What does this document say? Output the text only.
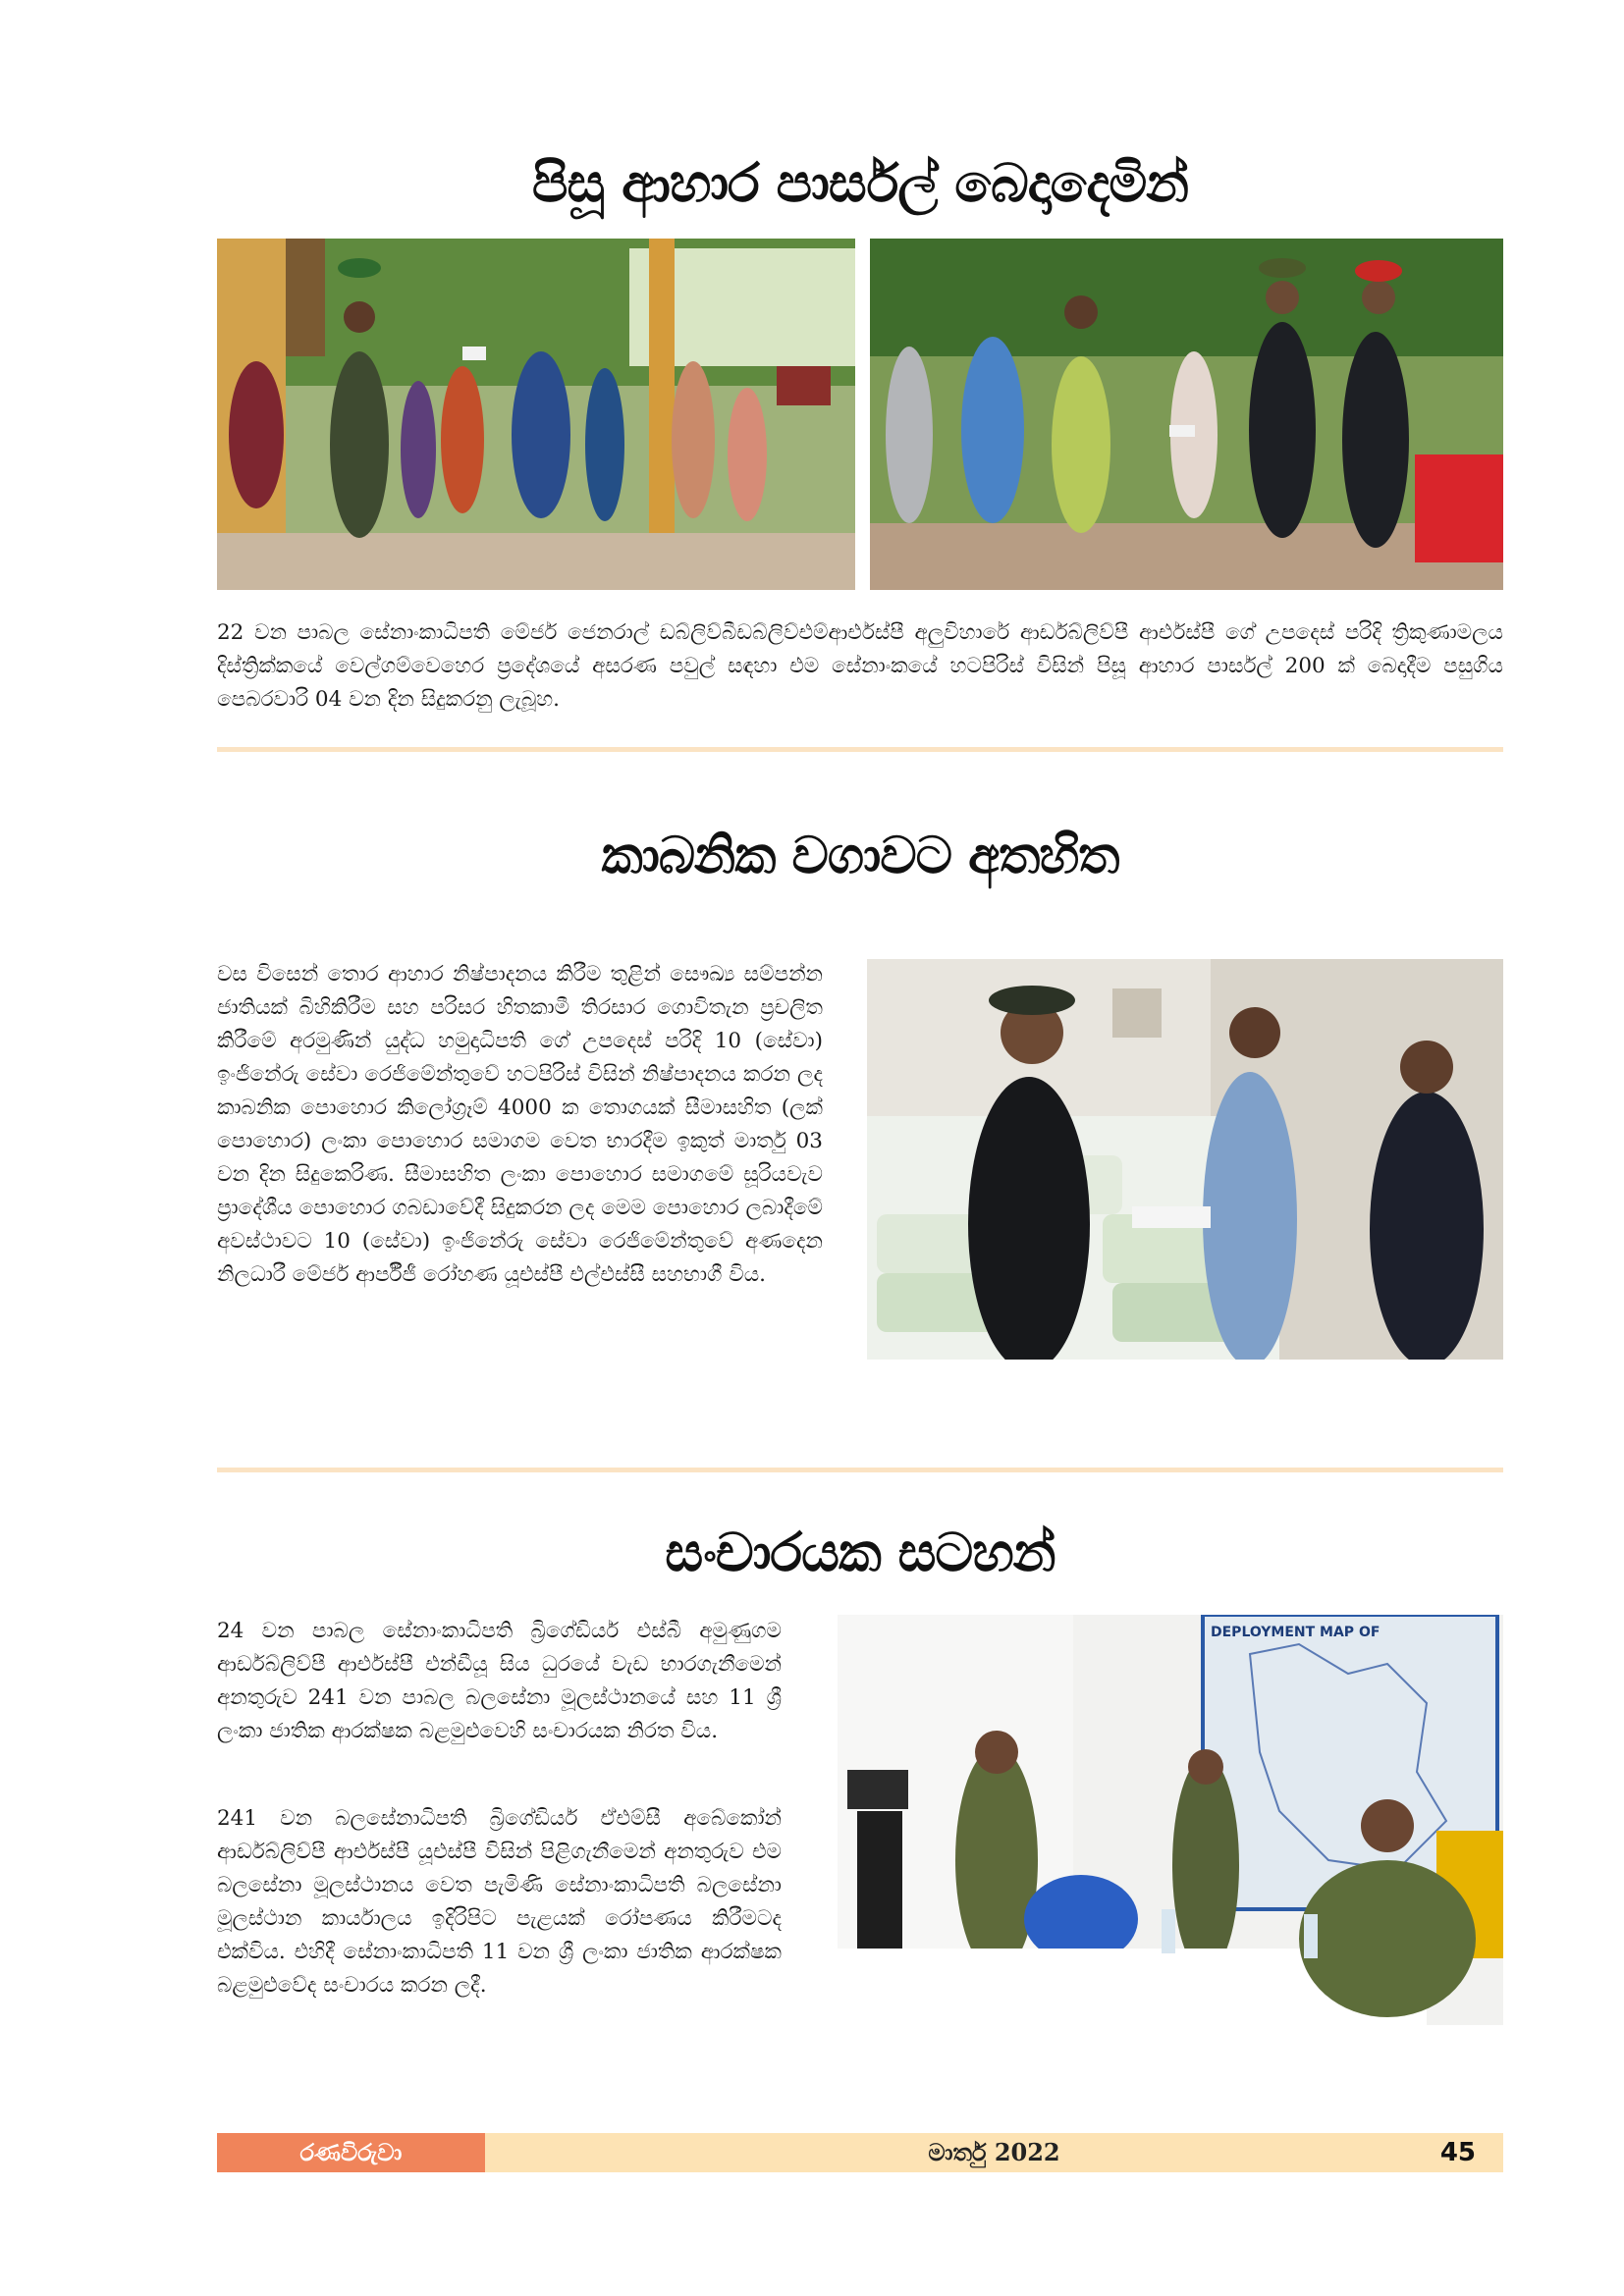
පිසූ ආහාර පාර්සල් බෙදාදෙමින්

22 වන පාබල සේනාංකාධිපති මේජර් ජෙනරාල් ඩබ්ලිව්බීඩබ්ලිව්එම්ආර්එස්පී අලුවිහාරේ ආර්ඩබ්ලිව්පී ආර්එස්පී ගේ උපදෙස් පරිදි ත්‍රිකුණාමලය දිස්ත්‍රික්කයේ වෙල්ගම්වෙහෙර ප්‍රදේශයේ අසරණ පවුල් සඳහා එම සේනාංකයේ හටපිරිස් විසින් පිසූ ආහාර පාර්සල් 200 ක් බෙදාදීම පසුගිය පෙබරවාරි 04 වන දින සිදුකරනු ලැබූහ.

කාබනික වගාවට අතහිත

වස විසෙන් තොර ආහාර නිෂ්පාදනය කිරීම තුළින් සෞඛ්‍ය සම්පන්න ජාතියක් බිහිකිරීම සහ පරිසර හිතකාමී තිරසාර ගොවිතැන ප්‍රචලිත කිරීමේ අරමුණින් යුද්ධ හමුදාධිපති ගේ උපදෙස් පරිදි 10 (සේවා) ඉංජිනේරු සේවා රෙජිමේන්තුවේ හටපිරිස් විසින් නිෂ්පාදනය කරන ලද කාබනික පොහොර කිලෝග්‍රෑම් 4000 ක තොගයක් සීමාසහිත (ලක් පොහොර) ලංකා පොහොර සමාගම වෙත භාරදීම ඉකුත් මාර්තු 03 වන දින සිදුකෙරිණ. සීමාසහිත ලංකා පොහොර සමාගමේ සූරියවැව ප්‍රාදේශීය පොහොර ගබඩාවේදී සිදුකරන ලද මෙම පොහොර ලබාදීමේ අවස්ථාවට 10 (සේවා) ඉංජිනේරු සේවා රෙජිමේන්තුවේ අණදෙන නිලධාරී මේජර් ආර්පීජී රෝහණ යූඑස්පී එල්එස්සී සහභාගී විය.

සංචාරයක සටහන්

24 වන පාබල සේනාංකාධිපති බ්‍රිගේඩියර් එස්බී අමුණුගම ආර්ඩබ්ලිව්පී ආර්එස්පී එන්ඩීයූ සිය ධුරයේ වැඩ භාරගැනීමෙන් අනතුරුව 241 වන පාබල බලසේනා මූලස්ථානයේ සහ 11 ශ්‍රී ලංකා ජාතික ආරක්ෂක බළමුළුවෙහි සංචාරයක නිරත විය.

241 වන බලසේනාධිපති බ්‍රිගේඩියර් ඒඑම්සී අබේකෝන් ආර්ඩබ්ලිව්පී ආර්එස්පී යූඑස්පී විසින් පිළිගැනීමෙන් අනතුරුව එම බලසේනා මූලස්ථානය වෙත පැමිණි සේනාංකාධිපති බලසේනා මූලස්ථාන කාර්යාලය ඉදිරිපිට පැළයක් රෝපණය කිරීමටද එක්විය. එහිදී සේනාංකාධිපති 11 වන ශ්‍රී ලංකා ජාතික ආරක්ෂක බළමුළුවේද සංචාරය කරන ලදී.

DEPLOYMENT MAP OF
රණවිරුවා	මාර්තු 2022	45
